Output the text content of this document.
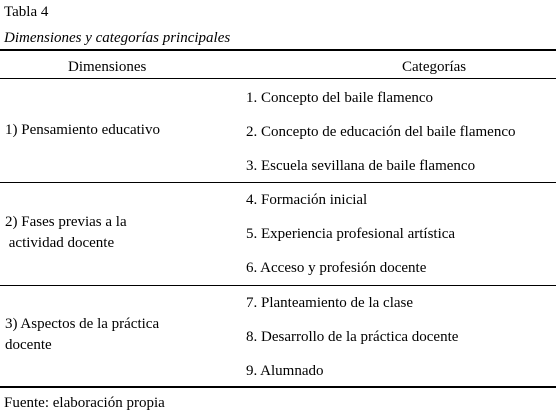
Tabla 4
Dimensiones y categorías principales
Dimensiones	Categorías
1) Pensamiento educativo
1. Concepto del baile flamenco
2. Concepto de educación del baile flamenco
3. Escuela sevillana de baile flamenco
2) Fases previas a la
actividad docente
4. Formación inicial
5. Experiencia profesional artística
6. Acceso y profesión docente
3) Aspectos de la práctica
docente
7. Planteamiento de la clase
8. Desarrollo de la práctica docente
9. Alumnado
Fuente: elaboración propia
